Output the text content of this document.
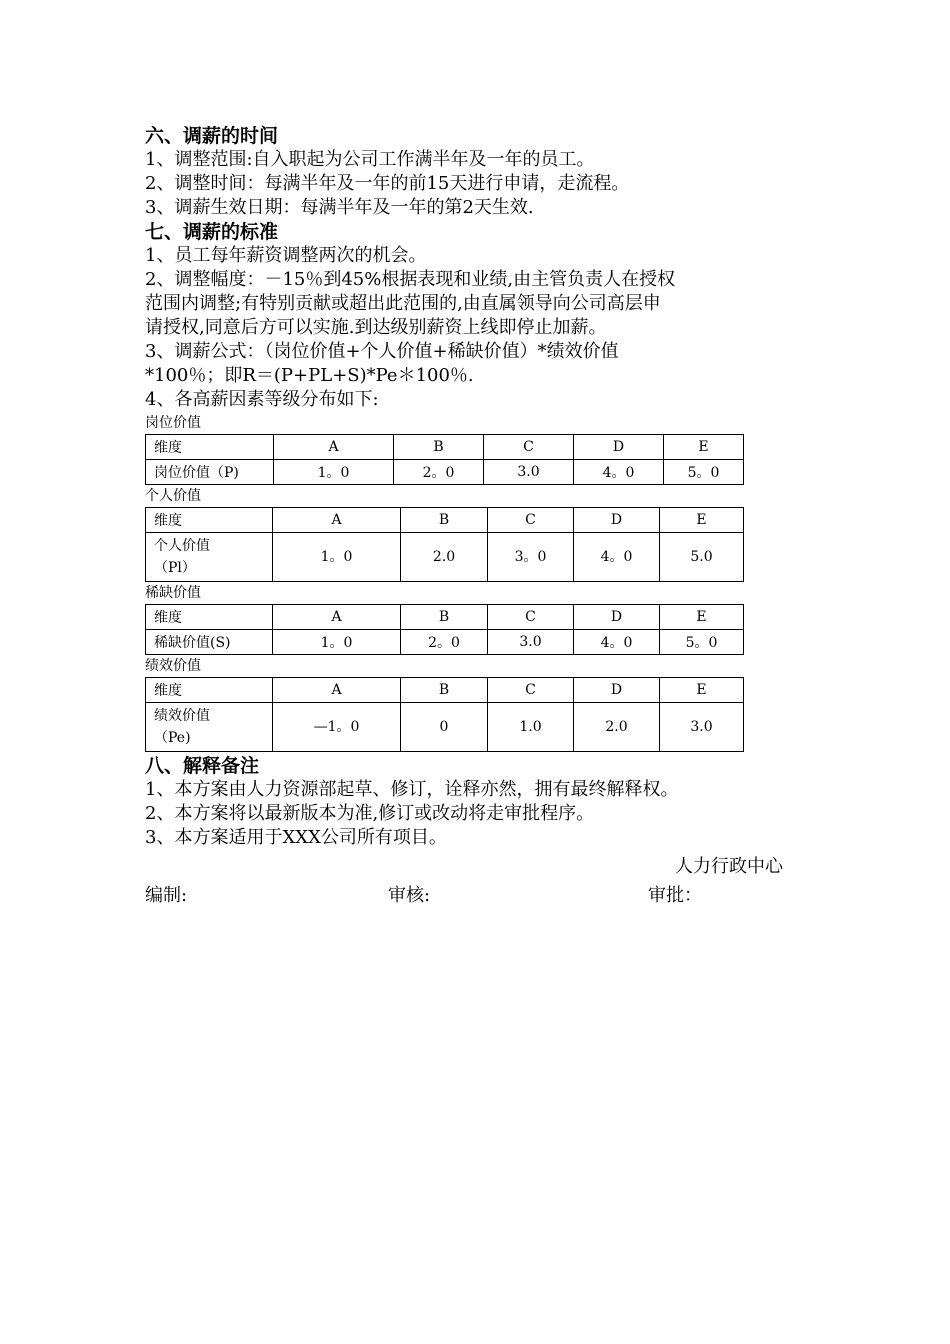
六、调薪的时间
1、调整范围:自入职起为公司工作满半年及一年的员工。
2、调整时间：每满半年及一年的前15天进行申请，走流程。
3、调薪生效日期：每满半年及一年的第2天生效.
七、调薪的标准
1、员工每年薪资调整两次的机会。
2、调整幅度：－15％到45%根据表现和业绩,由主管负责人在授权
范围内调整;有特别贡献或超出此范围的,由直属领导向公司高层申
请授权,同意后方可以实施.到达级别薪资上线即停止加薪。
3、调薪公式：（岗位价值+个人价值+稀缺价值）*绩效价值
*100％；即R＝(P+PL+S)*Pe＊100％.
4、各高薪因素等级分布如下:
岗位价值
维度	A	B	C	D	E
岗位价值（P)	1。0	2。0	3.0	4。0	5。0
个人价值
维度	A	B	C	D	E

个人价值
（Pl）	1。0	2.0	3。0	4。0	5.0
稀缺价值
维度	A	B	C	D	E
稀缺价值(S)	1。0	2。0	3.0	4。0	5。0
绩效价值
维度	A	B	C	D	E

绩效价值
（Pe)	—1。0	0	1.0	2.0	3.0
八、解释备注
1、本方案由人力资源部起草、修订，诠释亦然，拥有最终解释权。
2、本方案将以最新版本为准,修订或改动将走审批程序。
3、本方案适用于XXX公司所有项目。
人力行政中心
编制:	审核:	审批：
